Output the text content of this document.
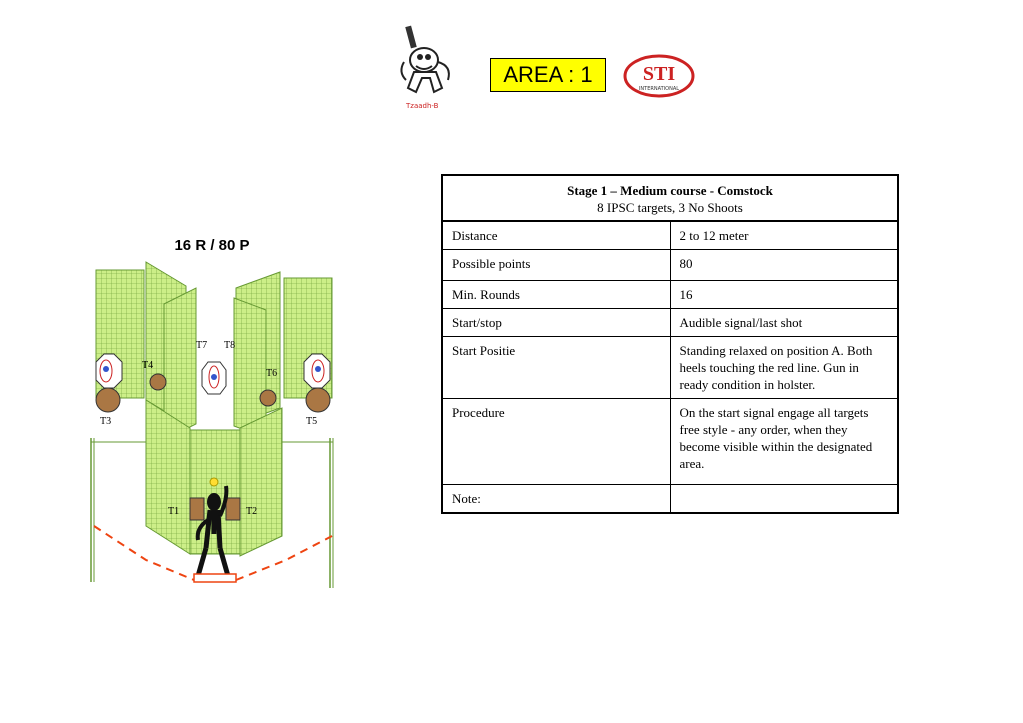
Tzaadh-B
AREA : 1	STI
INTERNATIONAL
16 R / 80 P
T1	T2
T3
T4
T5
T6
T7 T8
Stage 1 – Medium course - Comstock
8 IPSC targets, 3 No Shoots	

Distance	2 to 12 meter
Possible points	80
Min. Rounds	16
Start/stop	Audible signal/last shot
Start Positie	Standing relaxed on position A. Both heels touching the red line. Gun in ready condition in holster.
Procedure	On the start signal engage all targets free style - any order, when they become visible within the designated area.
Note:	
